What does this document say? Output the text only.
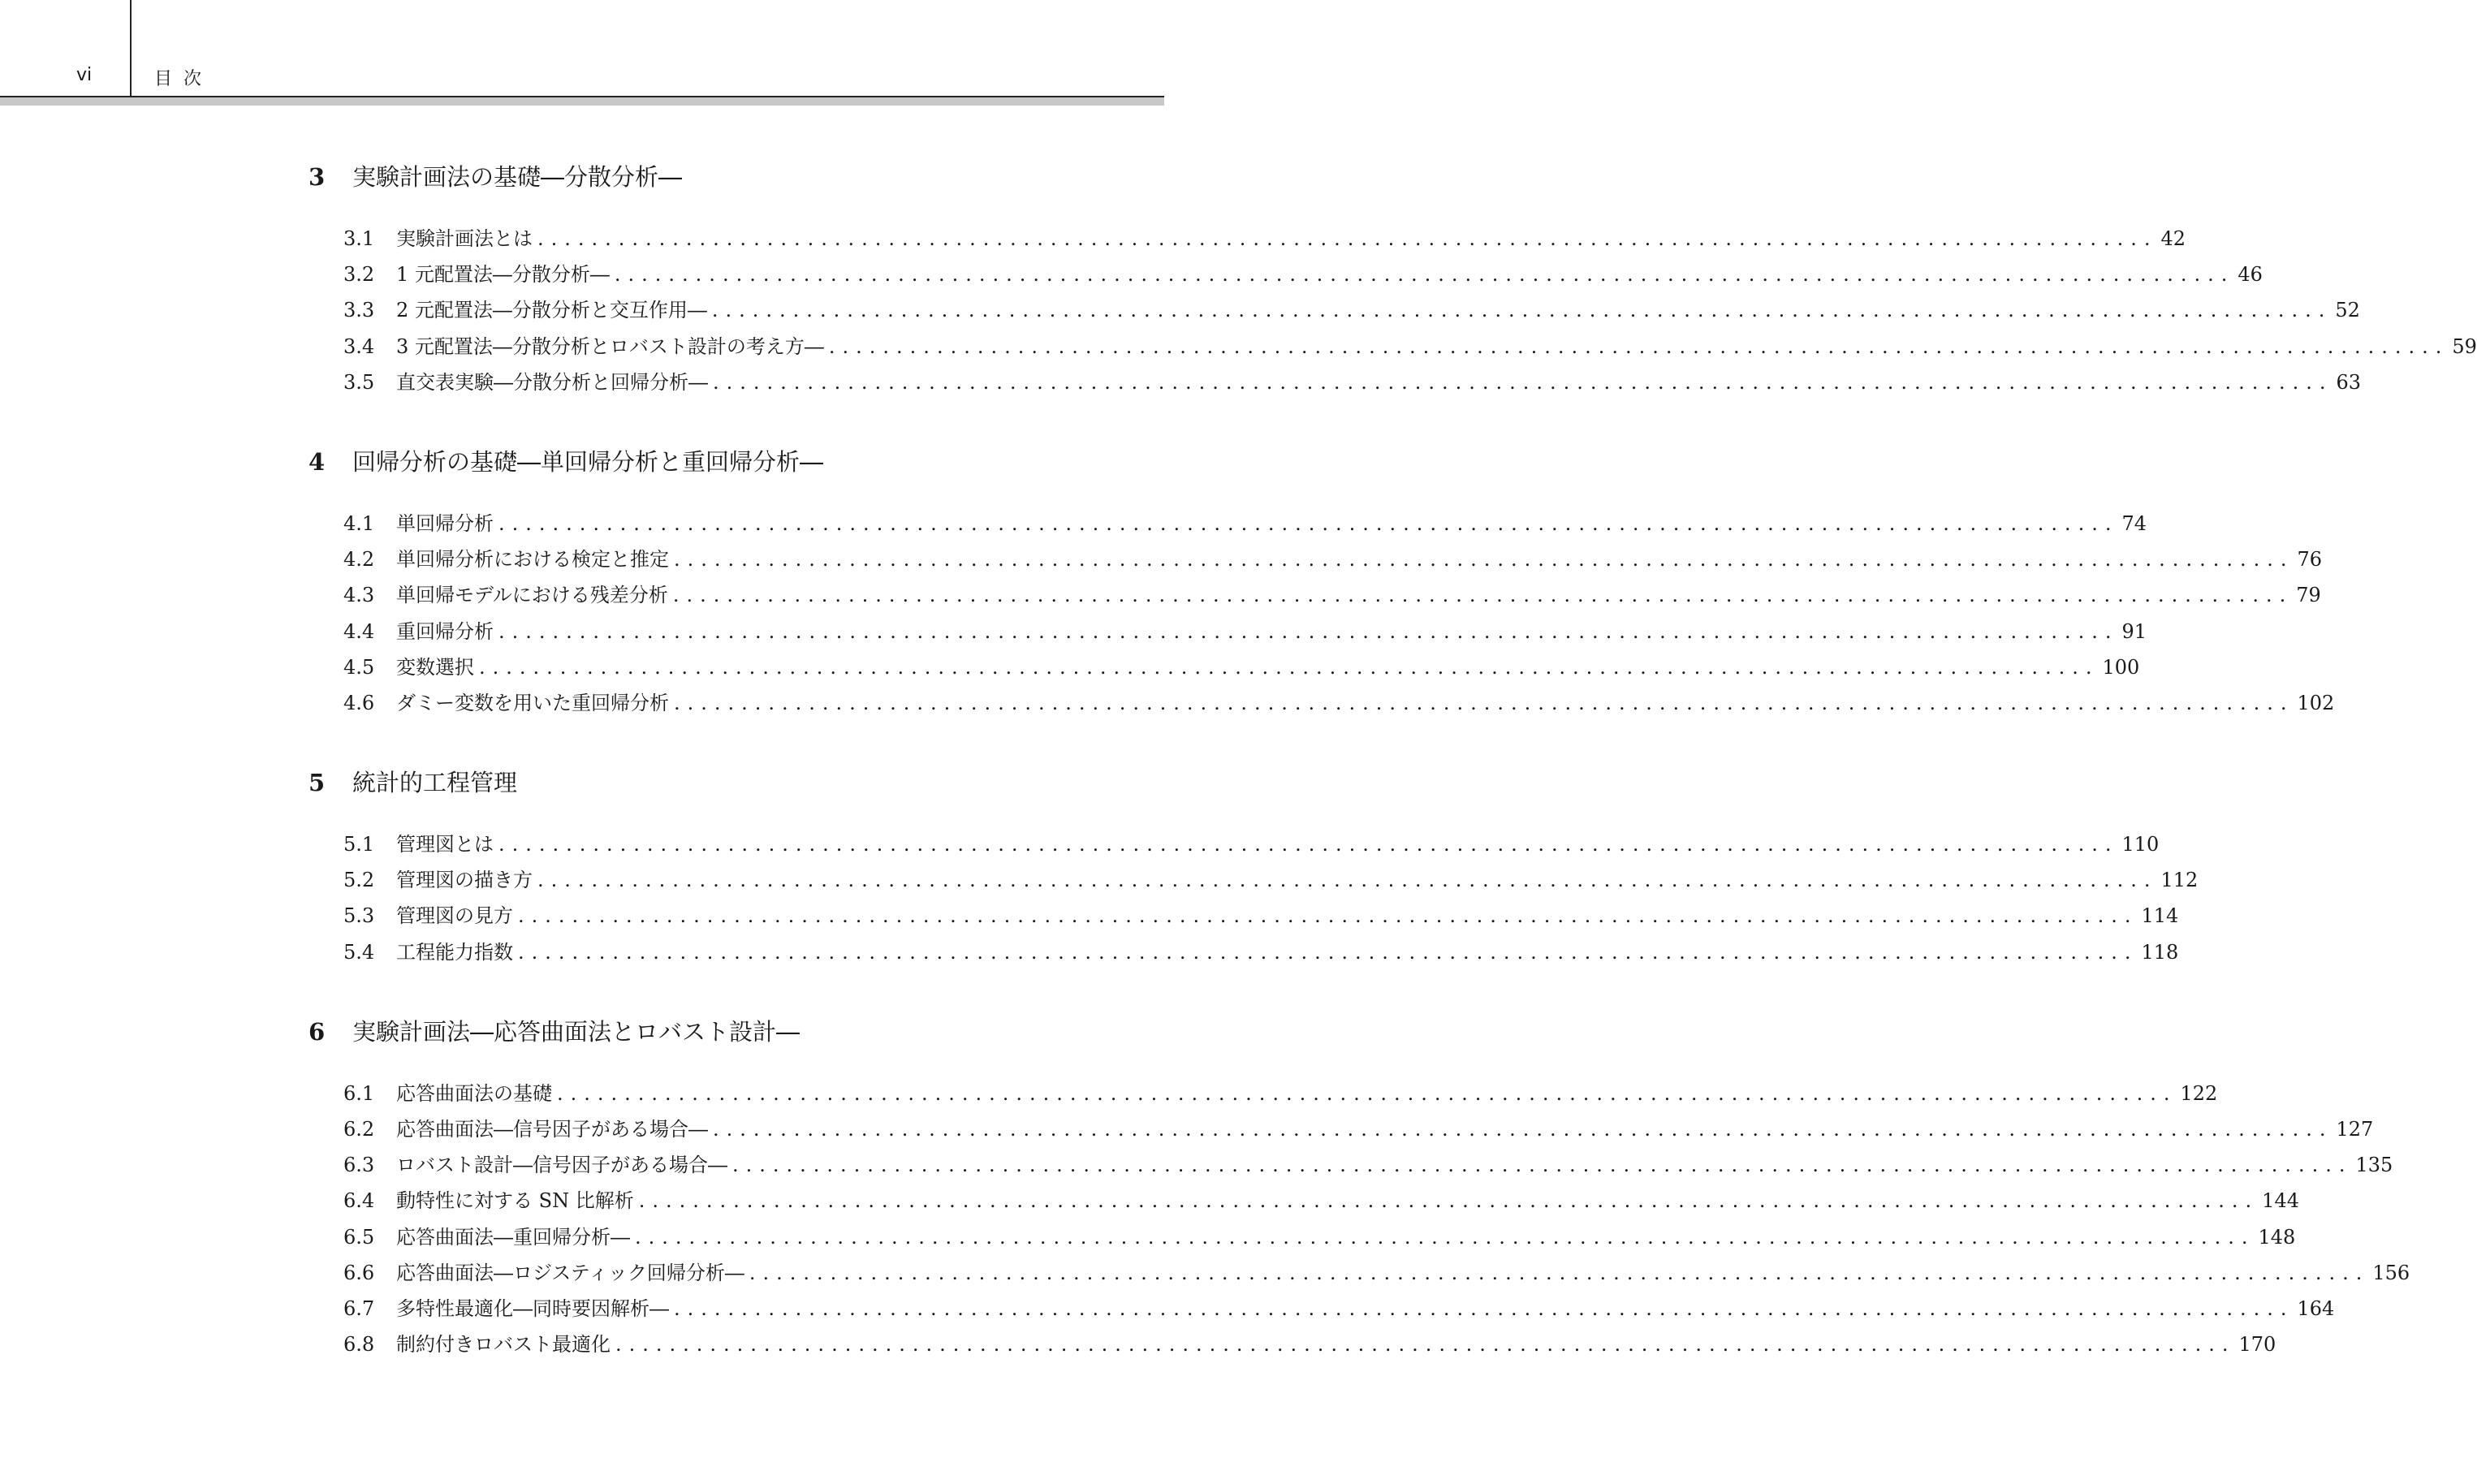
vi	目次
3	実験計画法の基礎―分散分析―
3.1	実験計画法とは ........................................................................................................................ 42
3.2	1 元配置法―分散分析― ........................................................................................................................ 46
3.3	2 元配置法―分散分析と交互作用― ........................................................................................................................ 52
3.4	3 元配置法―分散分析とロバスト設計の考え方― ........................................................................................................................ 59
3.5	直交表実験―分散分析と回帰分析― ........................................................................................................................ 63
4	回帰分析の基礎―単回帰分析と重回帰分析―
4.1	単回帰分析 ........................................................................................................................ 74
4.2	単回帰分析における検定と推定 ........................................................................................................................ 76
4.3	単回帰モデルにおける残差分析 ........................................................................................................................ 79
4.4	重回帰分析 ........................................................................................................................ 91
4.5	変数選択 ........................................................................................................................ 100
4.6	ダミー変数を用いた重回帰分析 ........................................................................................................................ 102
5	統計的工程管理
5.1	管理図とは ........................................................................................................................ 110
5.2	管理図の描き方 ........................................................................................................................ 112
5.3	管理図の見方 ........................................................................................................................ 114
5.4	工程能力指数 ........................................................................................................................ 118
6	実験計画法―応答曲面法とロバスト設計―
6.1	応答曲面法の基礎 ........................................................................................................................ 122
6.2	応答曲面法―信号因子がある場合― ........................................................................................................................ 127
6.3	ロバスト設計―信号因子がある場合― ........................................................................................................................ 135
6.4	動特性に対する SN 比解析 ........................................................................................................................ 144
6.5	応答曲面法―重回帰分析― ........................................................................................................................ 148
6.6	応答曲面法―ロジスティック回帰分析― ........................................................................................................................ 156
6.7	多特性最適化―同時要因解析― ........................................................................................................................ 164
6.8	制約付きロバスト最適化 ........................................................................................................................ 170
